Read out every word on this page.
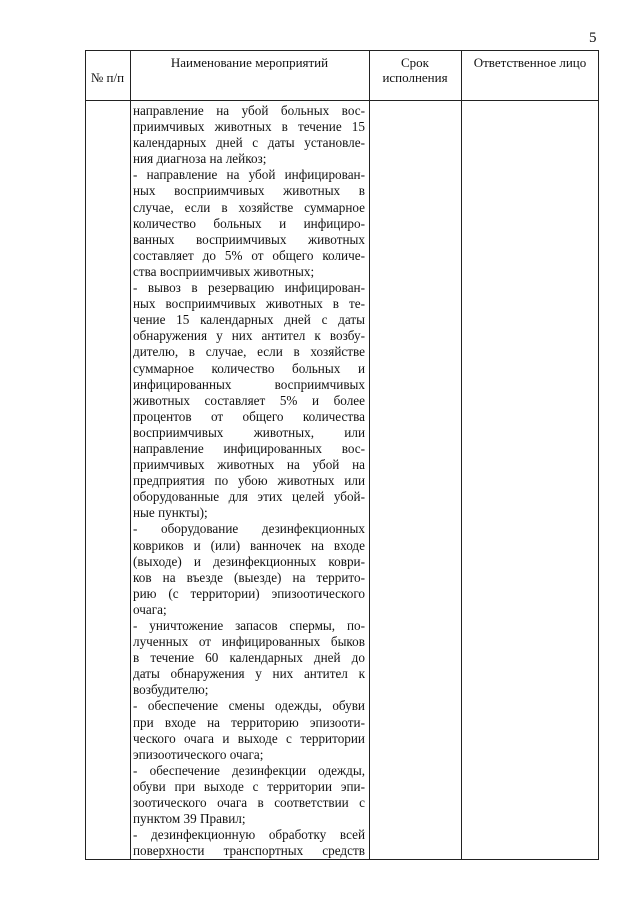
5
№ п/п
Наименование мероприятий	Срок исполнения
Ответственное лицо
направление на убой больных вос-
приимчивых животных в течение 15
календарных дней с даты установле-
ния диагноза на лейкоз;
- направление на убой инфицирован-
ных восприимчивых животных в
случае, если в хозяйстве суммарное
количество больных и инфициро-
ванных восприимчивых животных
составляет до 5% от общего количе-
ства восприимчивых животных;
- вывоз в резервацию инфицирован-
ных восприимчивых животных в те-
чение 15 календарных дней с даты
обнаружения у них антител к возбу-
дителю, в случае, если в хозяйстве
суммарное количество больных и
инфицированных восприимчивых
животных составляет 5% и более
процентов от общего количества
восприимчивых животных, или
направление инфицированных вос-
приимчивых животных на убой на
предприятия по убою животных или
оборудованные для этих целей убой-
ные пункты);
- оборудование дезинфекционных
ковриков и (или) ванночек на входе
(выходе) и дезинфекционных коври-
ков на въезде (выезде) на террито-
рию (с территории) эпизоотического
очага;
- уничтожение запасов спермы, по-
лученных от инфицированных быков
в течение 60 календарных дней до
даты обнаружения у них антител к
возбудителю;
- обеспечение смены одежды, обуви
при входе на территорию эпизооти-
ческого очага и выходе с территории
эпизоотического очага;
- обеспечение дезинфекции одежды,
обуви при выходе с территории эпи-
зоотического очага в соответствии с
пунктом 39 Правил;
- дезинфекционную обработку всей
поверхности транспортных средств
